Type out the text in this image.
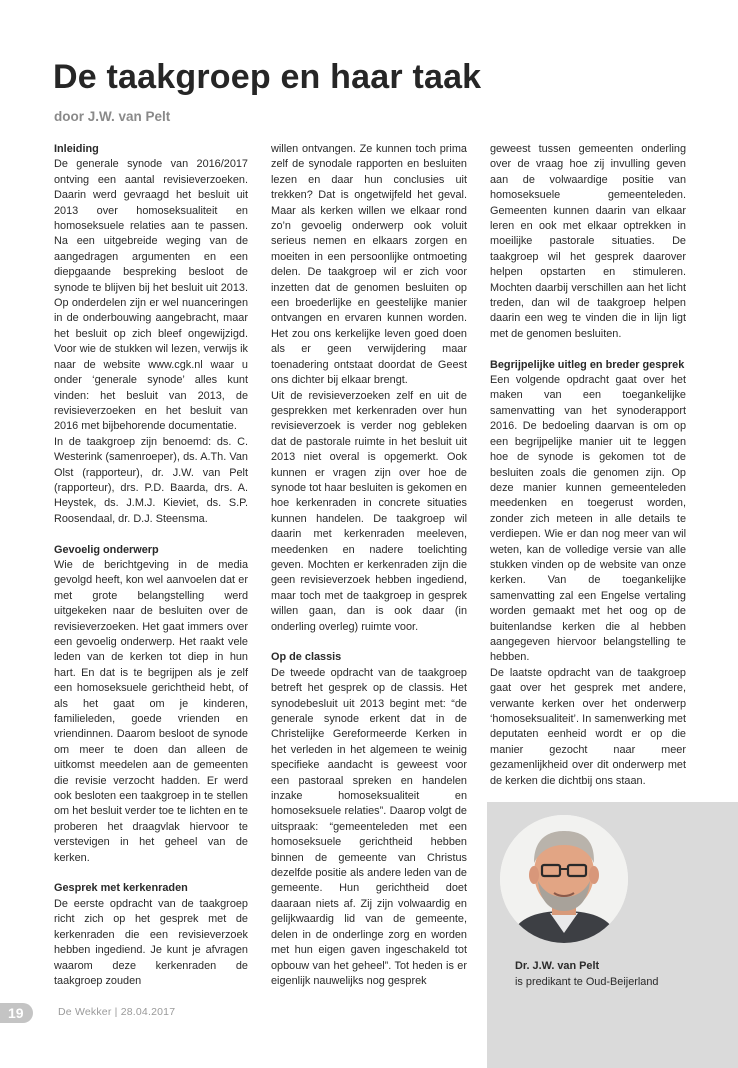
De taakgroep en haar taak
door J.W. van Pelt
Inleiding

De generale synode van 2016/2017 ontving een aantal revisieverzoeken. Daarin werd gevraagd het besluit uit 2013 over homoseksualiteit en homoseksuele relaties aan te passen. Na een uitgebreide weging van de aangedragen argumenten en een diepgaande bespreking besloot de synode te blijven bij het besluit uit 2013. Op onderdelen zijn er wel nuanceringen in de onderbouwing aangebracht, maar het besluit op zich bleef ongewijzigd. Voor wie de stukken wil lezen, verwijs ik naar de website www.cgk.nl waar u onder ‘generale synode’ alles kunt vinden: het besluit van 2013, de revisieverzoeken en het besluit van 2016 met bijbehorende documentatie.

In de taakgroep zijn benoemd: ds. C. Westerink (samenroeper), ds. A.Th. Van Olst (rapporteur), dr. J.W. van Pelt (rapporteur), drs. P.D. Baarda, drs. A. Heystek, ds. J.M.J. Kieviet, ds. S.P. Roosendaal, dr. D.J. Steensma.

Gevoelig onderwerp

Wie de berichtgeving in de media gevolgd heeft, kon wel aanvoelen dat er met grote belangstelling werd uitgekeken naar de besluiten over de revisieverzoeken. Het gaat immers over een gevoelig onderwerp. Het raakt vele leden van de kerken tot diep in hun hart. En dat is te begrijpen als je zelf een homoseksuele gerichtheid hebt, of als het gaat om je kinderen, familieleden, goede vrienden en vriendinnen. Daarom besloot de synode om meer te doen dan alleen de uitkomst meedelen aan de gemeenten die revisie verzocht hadden. Er werd ook besloten een taakgroep in te stellen om het besluit verder toe te lichten en te proberen het draagvlak hiervoor te verstevigen in het geheel van de kerken.

Gesprek met kerkenraden

De eerste opdracht van de taakgroep richt zich op het gesprek met de kerkenraden die een revisieverzoek hebben ingediend. Je kunt je afvragen waarom deze kerkenraden de taakgroep zouden

willen ontvangen. Ze kunnen toch prima zelf de synodale rapporten en besluiten lezen en daar hun conclusies uit trekken? Dat is ongetwijfeld het geval. Maar als kerken willen we elkaar rond zo’n gevoelig onderwerp ook voluit serieus nemen en elkaars zorgen en moeiten in een persoonlijke ontmoeting delen. De taakgroep wil er zich voor inzetten dat de genomen besluiten op een broederlijke en geestelijke manier ontvangen en ervaren kunnen worden. Het zou ons kerkelijke leven goed doen als er geen verwijdering maar toenadering ontstaat doordat de Geest ons dichter bij elkaar brengt.

Uit de revisieverzoeken zelf en uit de gesprekken met kerkenraden over hun revisieverzoek is verder nog gebleken dat de pastorale ruimte in het besluit uit 2013 niet overal is opgemerkt. Ook kunnen er vragen zijn over hoe de synode tot haar besluiten is gekomen en hoe kerkenraden in concrete situaties kunnen handelen. De taakgroep wil daarin met kerkenraden meeleven, meedenken en nadere toelichting geven. Mochten er kerkenraden zijn die geen revisieverzoek hebben ingediend, maar toch met de taakgroep in gesprek willen gaan, dan is ook daar (in onderling overleg) ruimte voor.

Op de classis

De tweede opdracht van de taakgroep betreft het gesprek op de classis. Het synodebesluit uit 2013 begint met: “de generale synode erkent dat in de Christelijke Gereformeerde Kerken in het verleden in het algemeen te weinig specifieke aandacht is geweest voor een pastoraal spreken en handelen inzake homoseksualiteit en homoseksuele relaties”. Daarop volgt de uitspraak: “gemeenteleden met een homoseksuele gerichtheid hebben binnen de gemeente van Christus dezelfde positie als andere leden van de gemeente. Hun gerichtheid doet daaraan niets af. Zij zijn volwaardig en gelijkwaardig lid van de gemeente, delen in de onderlinge zorg en worden met hun eigen gaven ingeschakeld tot opbouw van het geheel”. Tot heden is er eigenlijk nauwelijks nog gesprek

geweest tussen gemeenten onderling over de vraag hoe zij invulling geven aan de volwaardige positie van homoseksuele gemeenteleden. Gemeenten kunnen daarin van elkaar leren en ook met elkaar optrekken in moeilijke pastorale situaties. De taakgroep wil het gesprek daarover helpen opstarten en stimuleren. Mochten daarbij verschillen aan het licht treden, dan wil de taakgroep helpen daarin een weg te vinden die in lijn ligt met de genomen besluiten.

Begrijpelijke uitleg en breder gesprek

Een volgende opdracht gaat over het maken van een toegankelijke samenvatting van het synoderapport 2016. De bedoeling daarvan is om op een begrijpelijke manier uit te leggen hoe de synode is gekomen tot de besluiten zoals die genomen zijn. Op deze manier kunnen gemeenteleden meedenken en toegerust worden, zonder zich meteen in alle details te verdiepen. Wie er dan nog meer van wil weten, kan de volledige versie van alle stukken vinden op de website van onze kerken. Van de toegankelijke samenvatting zal een Engelse vertaling worden gemaakt met het oog op de buitenlandse kerken die al hebben aangegeven hiervoor belangstelling te hebben.

De laatste opdracht van de taakgroep gaat over het gesprek met andere, verwante kerken over het onderwerp ‘homoseksualiteit’. In samenwerking met deputaten eenheid wordt er op die manier gezocht naar meer gezamenlijkheid over dit onderwerp met de kerken die dichtbij ons staan.

Dr. J.W. van Pelt
is predikant te Oud-Beijerland
19	De Wekker | 28.04.2017
